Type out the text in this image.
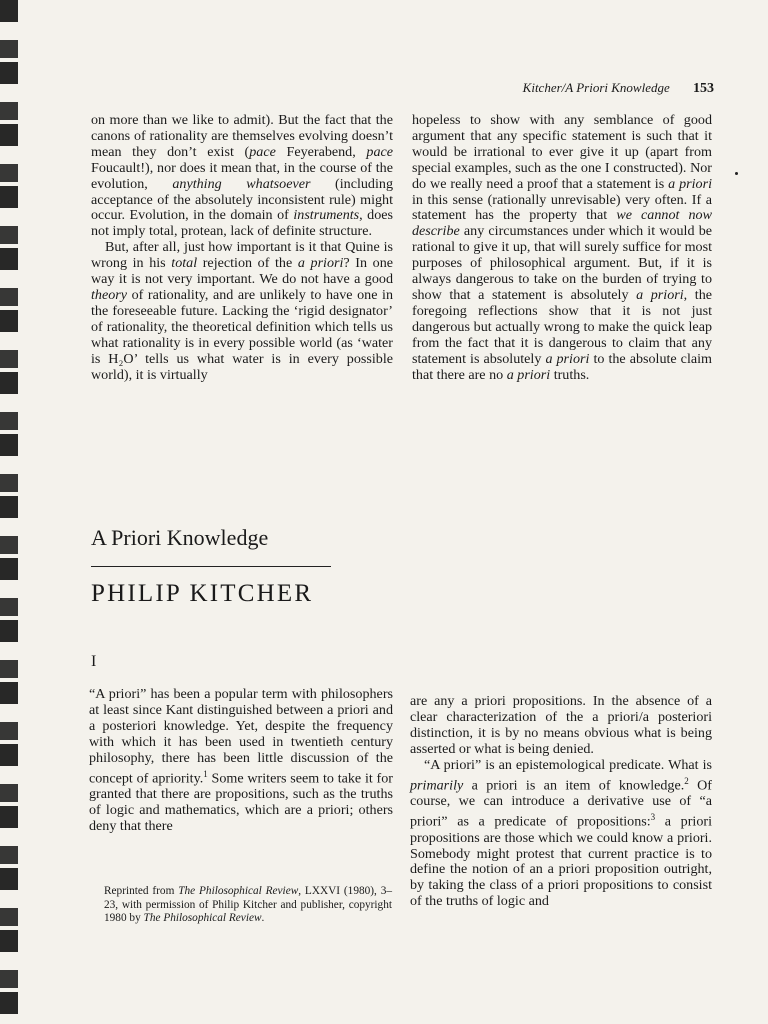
Kitcher/A Priori Knowledge 153

on more than we like to admit). But the fact that the canons of rationality are themselves evolving doesn’t mean they don’t exist (pace Feyerabend, pace Foucault!), nor does it mean that, in the course of the evolution, anything whatsoever (including acceptance of the absolutely inconsistent rule) might occur. Evolution, in the domain of instruments, does not imply total, protean, lack of definite structure.

But, after all, just how important is it that Quine is wrong in his total rejection of the a priori? In one way it is not very important. We do not have a good theory of rationality, and are unlikely to have one in the foreseeable future. Lacking the ‘rigid designator’ of rationality, the theoretical definition which tells us what rationality is in every possible world (as ‘water is H₂O’ tells us what water is in every possible world), it is virtually

hopeless to show with any semblance of good argument that any specific statement is such that it would be irrational to ever give it up (apart from special examples, such as the one I constructed). Nor do we really need a proof that a statement is a priori in this sense (rationally unrevisable) very often. If a statement has the property that we cannot now describe any circumstances under which it would be rational to give it up, that will surely suffice for most purposes of philosophical argument. But, if it is always dangerous to take on the burden of trying to show that a statement is absolutely a priori, the foregoing reflections show that it is not just dangerous but actually wrong to make the quick leap from the fact that it is dangerous to claim that any statement is absolutely a priori to the absolute claim that there are no a priori truths.

A Priori Knowledge
PHILIP KITCHER
I

“A priori” has been a popular term with philosophers at least since Kant distinguished between a priori and a posteriori knowledge. Yet, despite the frequency with which it has been used in twentieth century philosophy, there has been little discussion of the concept of apriority.$^1$ Some writers seem to take it for granted that there are propositions, such as the truths of logic and mathematics, which are a priori; others deny that there

Reprinted from The Philosophical Review, LXXVI (1980), 3–23, with permission of Philip Kitcher and publisher, copyright 1980 by The Philosophical Review.

are any a priori propositions. In the absence of a clear characterization of the a priori/a posteriori distinction, it is by no means obvious what is being asserted or what is being denied.

“A priori” is an epistemological predicate. What is primarily a priori is an item of knowledge.$^2$ Of course, we can introduce a derivative use of “a priori” as a predicate of propositions:$^3$ a priori propositions are those which we could know a priori. Somebody might protest that current practice is to define the notion of an a priori proposition outright, by taking the class of a priori propositions to consist of the truths of logic and
